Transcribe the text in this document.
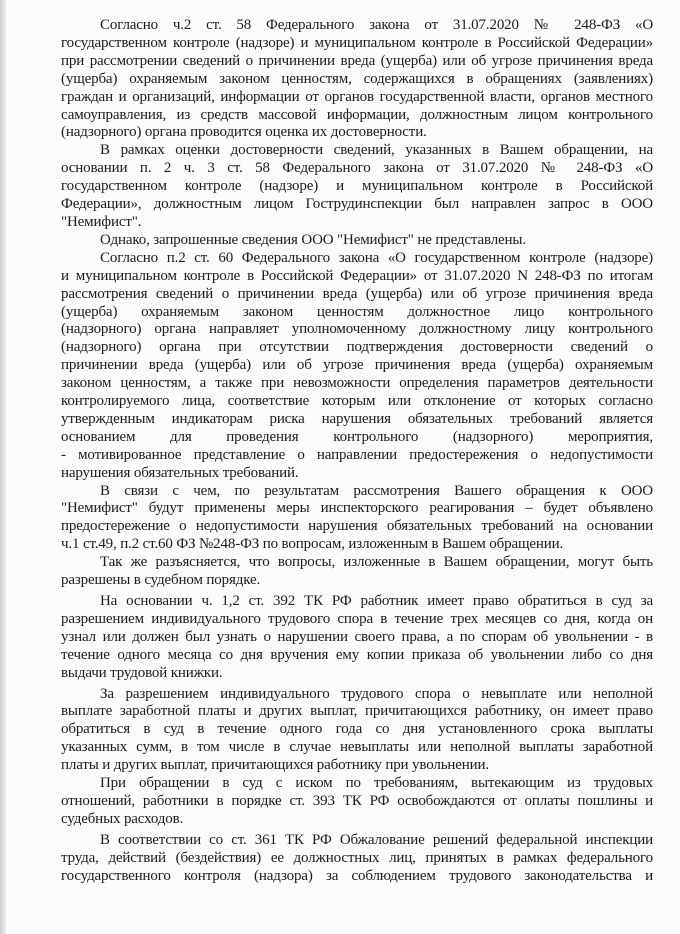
Согласно ч.2 ст. 58 Федерального закона от 31.07.2020 № 248-ФЗ «О
государственном контроле (надзоре) и муниципальном контроле в Российской Федерации»
при рассмотрении сведений о причинении вреда (ущерба) или об угрозе причинения вреда
(ущерба) охраняемым законом ценностям, содержащихся в обращениях (заявлениях)
граждан и организаций, информации от органов государственной власти, органов местного
самоуправления, из средств массовой информации, должностным лицом контрольного
(надзорного) органа проводится оценка их достоверности.
В рамках оценки достоверности сведений, указанных в Вашем обращении, на
основании п. 2 ч. 3 ст. 58 Федерального закона от 31.07.2020 № 248-ФЗ «О
государственном контроле (надзоре) и муниципальном контроле в Российской
Федерации», должностным лицом Гострудинспекции был направлен запрос в ООО
"Немифист".
Однако, запрошенные сведения ООО "Немифист" не представлены.
Согласно п.2 ст. 60 Федерального закона «О государственном контроле (надзоре)
и муниципальном контроле в Российской Федерации» от 31.07.2020 N 248-ФЗ по итогам
рассмотрения сведений о причинении вреда (ущерба) или об угрозе причинения вреда
(ущерба) охраняемым законом ценностям должностное лицо контрольного
(надзорного) органа направляет уполномоченному должностному лицу контрольного
(надзорного) органа при отсутствии подтверждения достоверности сведений о
причинении вреда (ущерба) или об угрозе причинения вреда (ущерба) охраняемым
законом ценностям, а также при невозможности определения параметров деятельности
контролируемого лица, соответствие которым или отклонение от которых согласно
утвержденным индикаторам риска нарушения обязательных требований является
основанием для проведения контрольного (надзорного) мероприятия,
- мотивированное представление о направлении предостережения о недопустимости
нарушения обязательных требований.
В связи с чем, по результатам рассмотрения Вашего обращения к ООО
"Немифист" будут применены меры инспекторского реагирования – будет объявлено
предостережение о недопустимости нарушения обязательных требований на основании
ч.1 ст.49, п.2 ст.60 ФЗ №248-ФЗ по вопросам, изложенным в Вашем обращении.
Так же разъясняется, что вопросы, изложенные в Вашем обращении, могут быть
разрешены в судебном порядке.
На основании ч. 1,2 ст. 392 ТК РФ работник имеет право обратиться в суд за
разрешением индивидуального трудового спора в течение трех месяцев со дня, когда он
узнал или должен был узнать о нарушении своего права, а по спорам об увольнении - в
течение одного месяца со дня вручения ему копии приказа об увольнении либо со дня
выдачи трудовой книжки.
За разрешением индивидуального трудового спора о невыплате или неполной
выплате заработной платы и других выплат, причитающихся работнику, он имеет право
обратиться в суд в течение одного года со дня установленного срока выплаты
указанных сумм, в том числе в случае невыплаты или неполной выплаты заработной
платы и других выплат, причитающихся работнику при увольнении.
При обращении в суд с иском по требованиям, вытекающим из трудовых
отношений, работники в порядке ст. 393 ТК РФ освобождаются от оплаты пошлины и
судебных расходов.
В соответствии со ст. 361 ТК РФ Обжалование решений федеральной инспекции
труда, действий (бездействия) ее должностных лиц, принятых в рамках федерального
государственного контроля (надзора) за соблюдением трудового законодательства и
